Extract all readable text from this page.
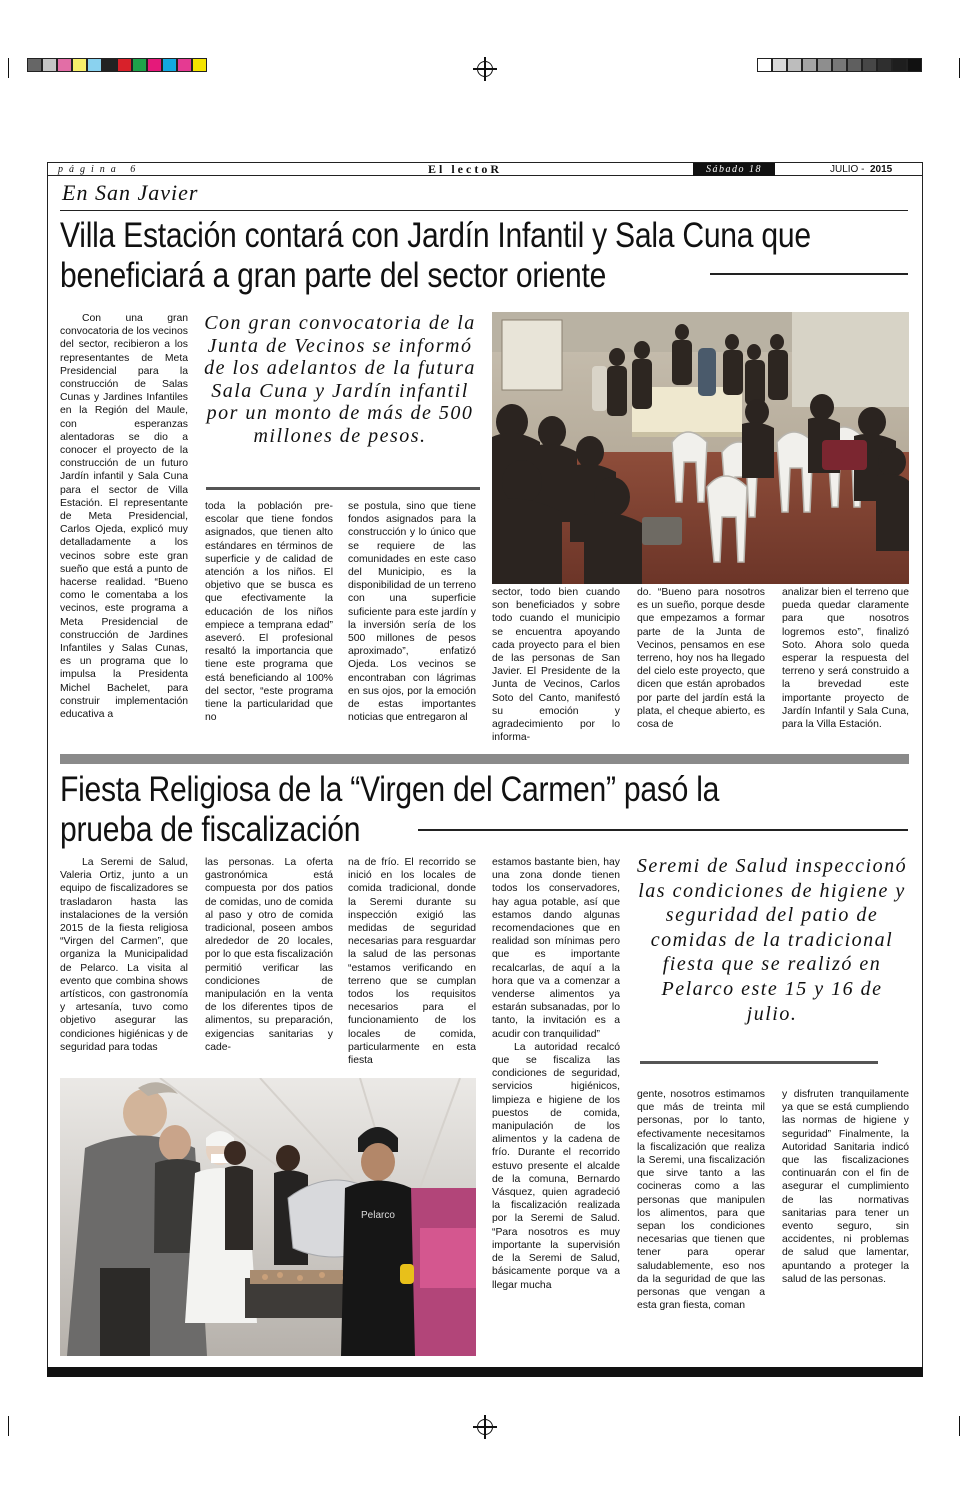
página 6	El lectoR	Sábado 18	JULIO - 2015
En San Javier
Villa Estación contará con Jardín Infantil y Sala Cuna que
beneficiará a gran parte del sector oriente

Con una gran convocatoria de los vecinos del sector, recibieron a los representantes de Meta Presidencial para la construcción de Salas Cunas y Jardines Infantiles en la Región del Maule, con esperanzas alentadoras se dio a conocer el proyecto de la construcción de un futuro Jardín infantil y Sala Cuna para el sector de Villa Estación. El representante de Meta Presidencial, Carlos Ojeda, explicó muy detalladamente a los vecinos sobre este gran sueño que está a punto de hacerse realidad. “Bueno como le comentaba a los vecinos, este programa a Meta Presidencial de construcción de Jardines Infantiles y Salas Cunas, es un programa que lo impulsa la Presidenta Michel Bachelet, para construir implementación educativa a

Con gran convocatoria de la Junta de Vecinos se informó de los adelantos de la futura Sala Cuna y Jardín infantil por un monto de más de 500 millones de pesos.

toda la población pre-escolar que tiene fondos asignados, que tienen alto estándares en términos de superficie y de calidad de atención a los niños. El objetivo que se busca es que efectivamente la educación de los niños empiece a temprana edad” aseveró. El profesional resaltó la importancia que tiene este programa que está beneficiando al 100% del sector, “este programa tiene la particularidad que no

se postula, sino que tiene fondos asignados para la construcción y lo único que se requiere de las comunidades en este caso del Municipio, es la disponibilidad de un terreno con una superficie suficiente para este jardín y la inversión sería de los 500 millones de pesos aproximado”, enfatizó Ojeda. Los vecinos se encontraban con lágrimas en sus ojos, por la emoción de estas importantes noticias que entregaron al

sector, todo bien cuando son beneficiados y sobre todo cuando el municipio se encuentra apoyando cada proyecto para el bien de las personas de San Javier. El Presidente de la Junta de Vecinos, Carlos Soto del Canto, manifestó su emoción y agradecimiento por lo informa-

do. “Bueno para nosotros es un sueño, porque desde que empezamos a formar parte de la Junta de Vecinos, pensamos en ese terreno, hoy nos ha llegado del cielo este proyecto, que dicen que están aprobados por parte del jardín está la plata, el cheque abierto, es cosa de

analizar bien el terreno que pueda quedar claramente para que nosotros logremos esto”, finalizó Soto. Ahora solo queda esperar la respuesta del terreno y será construido a la brevedad este importante proyecto de Jardín Infantil y Sala Cuna, para la Villa Estación.

Fiesta Religiosa de la “Virgen del Carmen” pasó la
prueba de fiscalización

La Seremi de Salud, Valeria Ortiz, junto a un equipo de fiscalizadores se trasladaron hasta las instalaciones de la versión 2015 de la fiesta religiosa “Virgen del Carmen”, que organiza la Municipalidad de Pelarco. La visita al evento que combina shows artísticos, con gastronomía y artesanía, tuvo como objetivo asegurar las condiciones higiénicas y de seguridad para todas

las personas. La oferta gastronómica está compuesta por dos patios de comidas, uno de comida al paso y otro de comida tradicional, poseen ambos alrededor de 20 locales, por lo que esta fiscalización permitió verificar las condiciones de manipulación en la venta de los diferentes tipos de alimentos, su preparación, exigencias sanitarias y cade-

na de frío. El recorrido se inició en los locales de comida tradicional, donde la Seremi durante su inspección exigió las medidas de seguridad necesarias para resguardar la salud de las personas “estamos verificando en terreno que se cumplan todos los requisitos necesarios para el funcionamiento de los locales de comida, particularmente en esta fiesta

estamos bastante bien, hay una zona donde tienen todos los conservadores, hay agua potable, así que estamos dando algunas recomendaciones que en realidad son mínimas pero que es importante recalcarlas, de aquí a la hora que va a comenzar a venderse alimentos ya estarán subsanadas, por lo tanto, la invitación es a acudir con tranquilidad”

La autoridad recalcó que se fiscaliza las condiciones de seguridad, servicios higiénicos, limpieza e higiene de los puestos de comida, manipulación de los alimentos y la cadena de frío. Durante el recorrido estuvo presente el alcalde de la comuna, Bernardo Vásquez, quien agradeció la fiscalización realizada por la Seremi de Salud. “Para nosotros es muy importante la supervisión de la Seremi de Salud, básicamente porque va a llegar mucha

Seremi de Salud inspeccionó las condiciones de higiene y seguridad del patio de comidas de la tradicional fiesta que se realizó en Pelarco este 15 y 16 de julio.

gente, nosotros estimamos que más de treinta mil personas, por lo tanto, efectivamente necesitamos la fiscalización que realiza la Seremi, una fiscalización que sirve tanto a las cocineras como a las personas que manipulen los alimentos, para que sepan los condiciones necesarias que tienen que tener para operar saludablemente, eso nos da la seguridad de que las personas que vengan a esta gran fiesta, coman

y disfruten tranquilamente ya que se está cumpliendo las normas de higiene y seguridad” Finalmente, la Autoridad Sanitaria indicó que las fiscalizaciones continuarán con el fin de asegurar el cumplimiento de las normativas sanitarias para tener un evento seguro, sin accidentes, ni problemas de salud que lamentar, apuntando a proteger la salud de las personas.

Pelarco
